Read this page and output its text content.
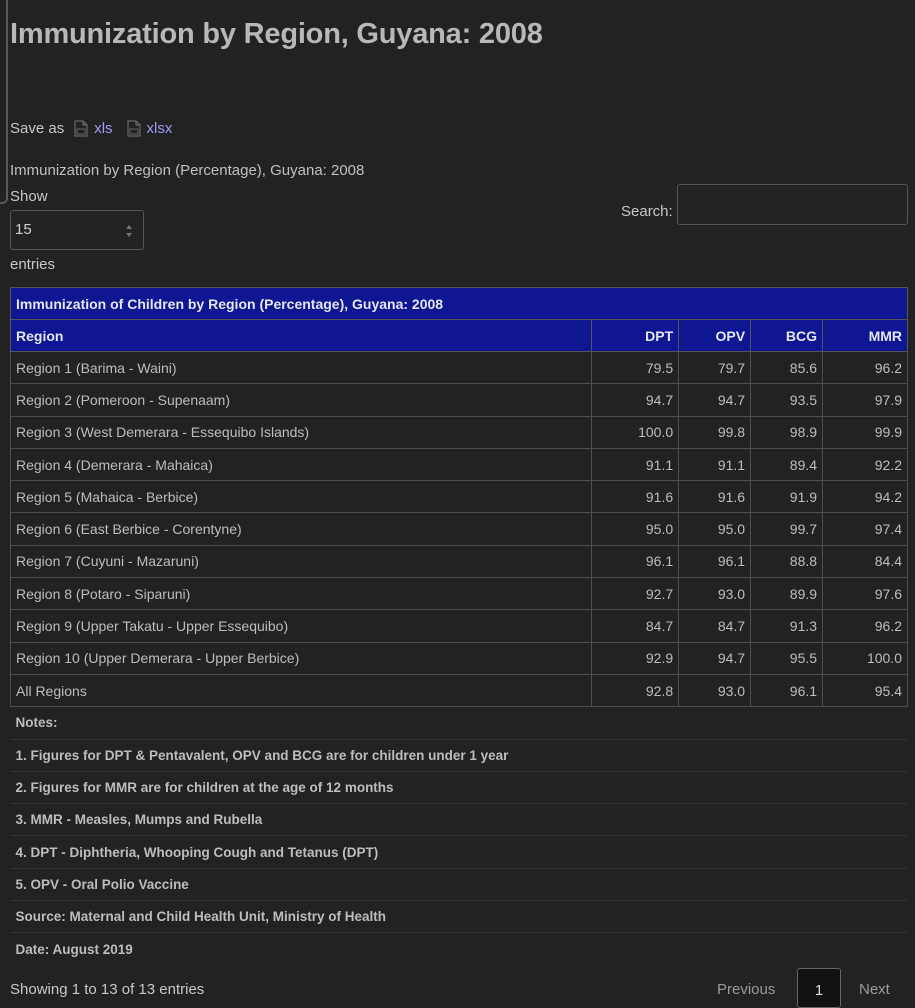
Immunization by Region, Guyana: 2008
Save as xls xlsx
Immunization by Region (Percentage), Guyana: 2008
Show
15
entries
Search:
Immunization of Children by Region (Percentage), Guyana: 2008				
Region	DPT	OPV	BCG	MMR
Region 1 (Barima - Waini)	79.5	79.7	85.6	96.2
Region 2 (Pomeroon - Supenaam)	94.7	94.7	93.5	97.9
Region 3 (West Demerara - Essequibo Islands)	100.0	99.8	98.9	99.9
Region 4 (Demerara - Mahaica)	91.1	91.1	89.4	92.2
Region 5 (Mahaica - Berbice)	91.6	91.6	91.9	94.2
Region 6 (East Berbice - Corentyne)	95.0	95.0	99.7	97.4
Region 7 (Cuyuni - Mazaruni)	96.1	96.1	88.8	84.4
Region 8 (Potaro - Siparuni)	92.7	93.0	89.9	97.6
Region 9 (Upper Takatu - Upper Essequibo)	84.7	84.7	91.3	96.2
Region 10 (Upper Demerara - Upper Berbice)	92.9	94.7	95.5	100.0
All Regions	92.8	93.0	96.1	95.4
Notes:				
1. Figures for DPT & Pentavalent, OPV and BCG are for children under 1 year				
2. Figures for MMR are for children at the age of 12 months				
3. MMR - Measles, Mumps and Rubella				
4. DPT - Diphtheria, Whooping Cough and Tetanus (DPT)				
5. OPV - Oral Polio Vaccine				
Source: Maternal and Child Health Unit, Ministry of Health				
Date: August 2019				
Showing 1 to 13 of 13 entries	Previous	1	Next
